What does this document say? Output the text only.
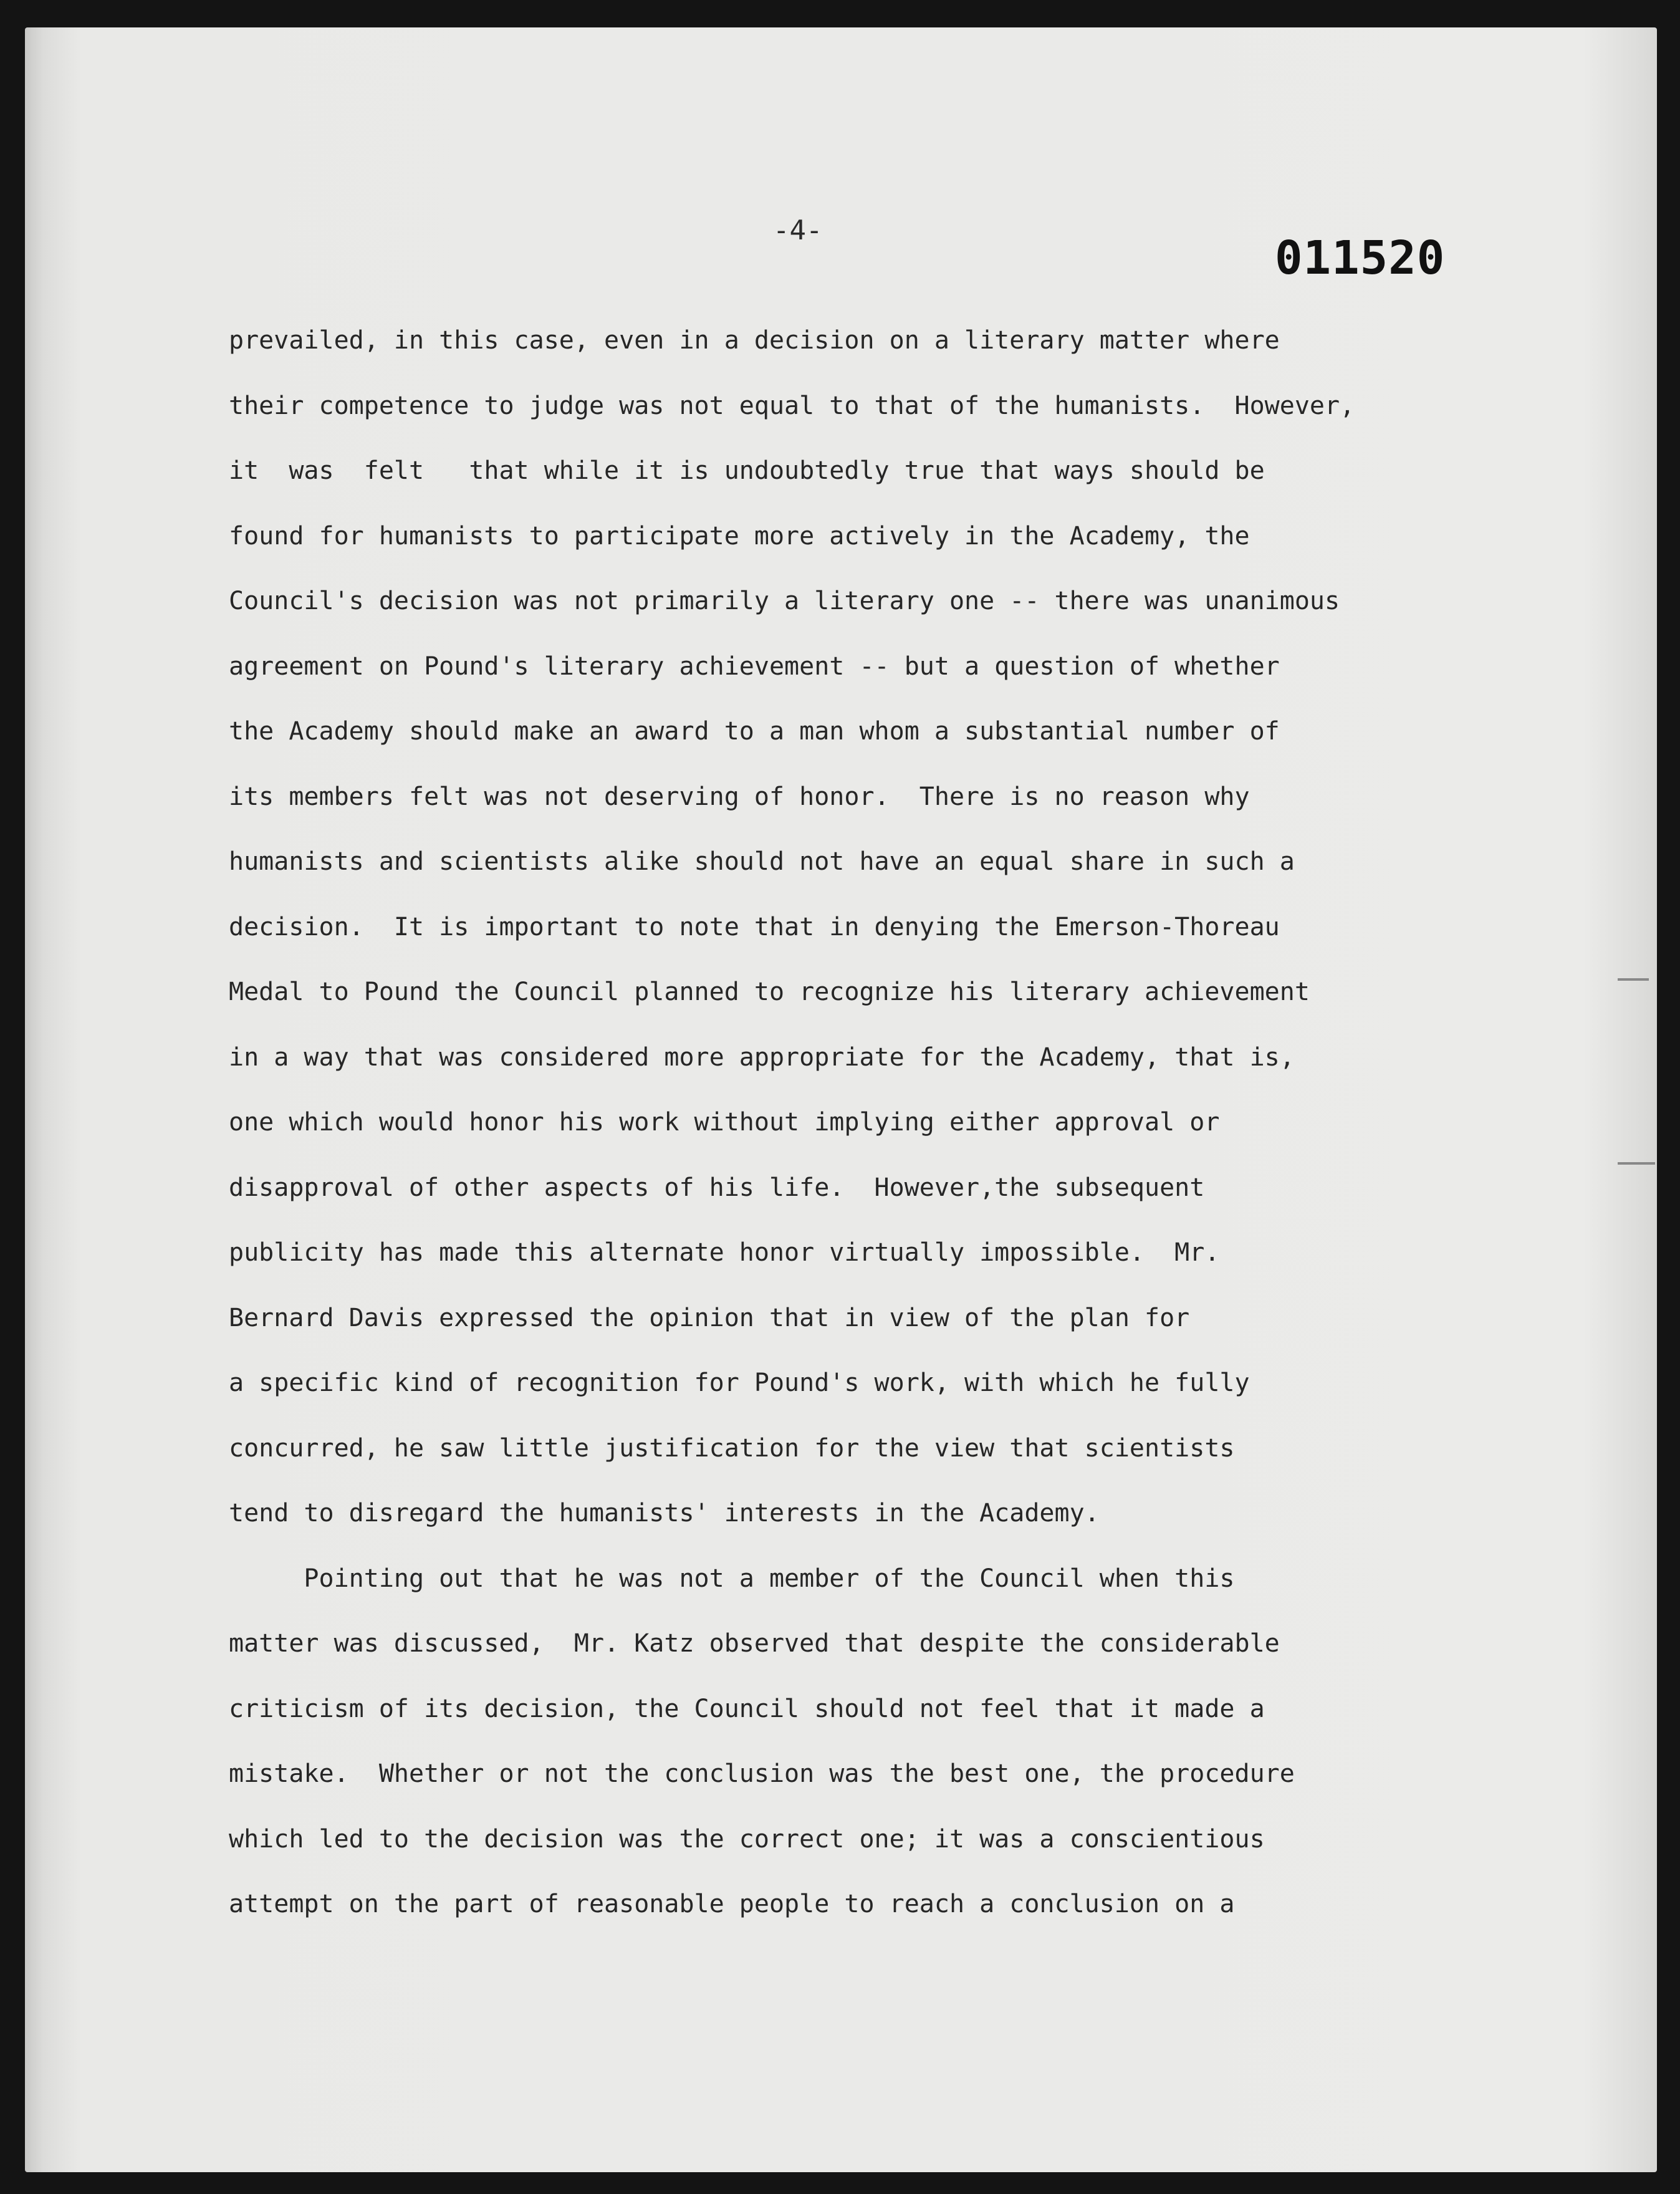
-4-
011520
prevailed, in this case, even in a decision on a literary matter where
their competence to judge was not equal to that of the humanists.  However,
it  was  felt   that while it is undoubtedly true that ways should be
found for humanists to participate more actively in the Academy, the
Council's decision was not primarily a literary one -- there was unanimous
agreement on Pound's literary achievement -- but a question of whether
the Academy should make an award to a man whom a substantial number of
its members felt was not deserving of honor.  There is no reason why
humanists and scientists alike should not have an equal share in such a
decision.  It is important to note that in denying the Emerson-Thoreau
Medal to Pound the Council planned to recognize his literary achievement
in a way that was considered more appropriate for the Academy, that is,
one which would honor his work without implying either approval or
disapproval of other aspects of his life.  However,the subsequent
publicity has made this alternate honor virtually impossible.  Mr.
Bernard Davis expressed the opinion that in view of the plan for
a specific kind of recognition for Pound's work, with which he fully
concurred, he saw little justification for the view that scientists
tend to disregard the humanists' interests in the Academy.
Pointing out that he was not a member of the Council when this
matter was discussed,  Mr. Katz observed that despite the considerable
criticism of its decision, the Council should not feel that it made a
mistake.  Whether or not the conclusion was the best one, the procedure
which led to the decision was the correct one; it was a conscientious
attempt on the part of reasonable people to reach a conclusion on a
